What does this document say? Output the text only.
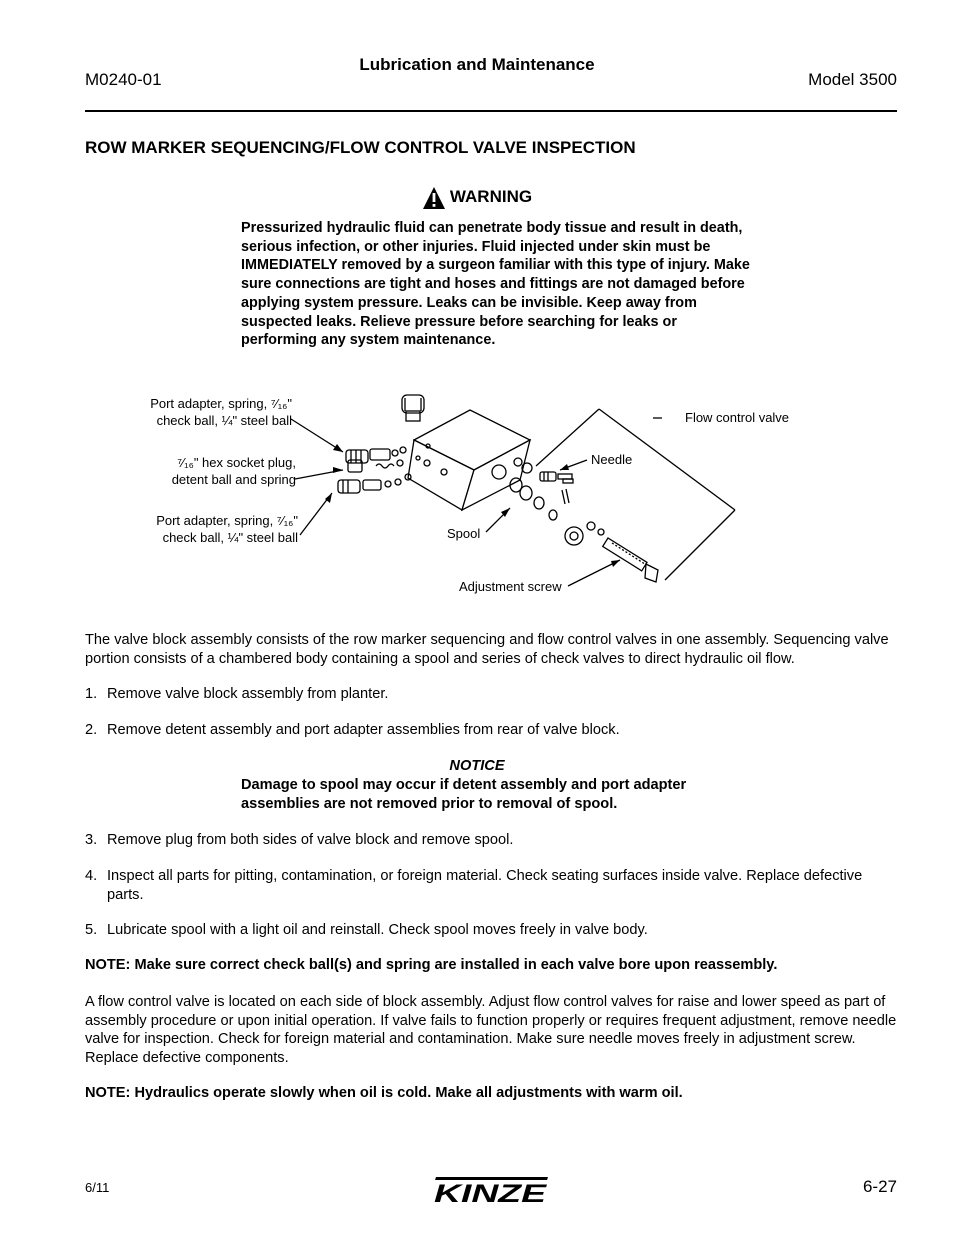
M0240-01
Lubrication and Maintenance
Model 3500
ROW MARKER SEQUENCING/FLOW CONTROL VALVE INSPECTION
WARNING
Pressurized hydraulic fluid can penetrate body tissue and result in death, serious infection, or other injuries. Fluid injected under skin must be IMMEDIATELY removed by a surgeon familiar with this type of injury. Make sure connections are tight and hoses and fittings are not damaged before applying system pressure. Leaks can be invisible. Keep away from suspected leaks. Relieve pressure before searching for leaks or performing any system maintenance.
Port adapter, spring, ⁷⁄₁₆"
check ball, ¼" steel ball
⁷⁄₁₆" hex socket plug,
detent ball and spring
Port adapter, spring, ⁷⁄₁₆"
check ball, ¼" steel ball
Flow control valve
Needle
Spool
Adjustment screw
The valve block assembly consists of the row marker sequencing and flow control valves in one assembly. Sequencing valve portion consists of a chambered body containing a spool and series of check valves to direct hydraulic oil flow.
1. Remove valve block assembly from planter.
2. Remove detent assembly and port adapter assemblies from rear of valve block.
NOTICE
Damage to spool may occur if detent assembly and port adapter assemblies are not removed prior to removal of spool.
3. Remove plug from both sides of valve block and remove spool.
4. Inspect all parts for pitting, contamination, or foreign material. Check seating surfaces inside valve. Replace defective parts.
5. Lubricate spool with a light oil and reinstall. Check spool moves freely in valve body.
NOTE: Make sure correct check ball(s) and spring are installed in each valve bore upon reassembly.
A flow control valve is located on each side of block assembly. Adjust flow control valves for raise and lower speed as part of assembly procedure or upon initial operation. If valve fails to function properly or requires frequent adjustment, remove needle valve for inspection. Check for foreign material and contamination. Make sure needle moves freely in adjustment screw. Replace defective components.
NOTE: Hydraulics operate slowly when oil is cold. Make all adjustments with warm oil.
6/11	KINZE	6-27
